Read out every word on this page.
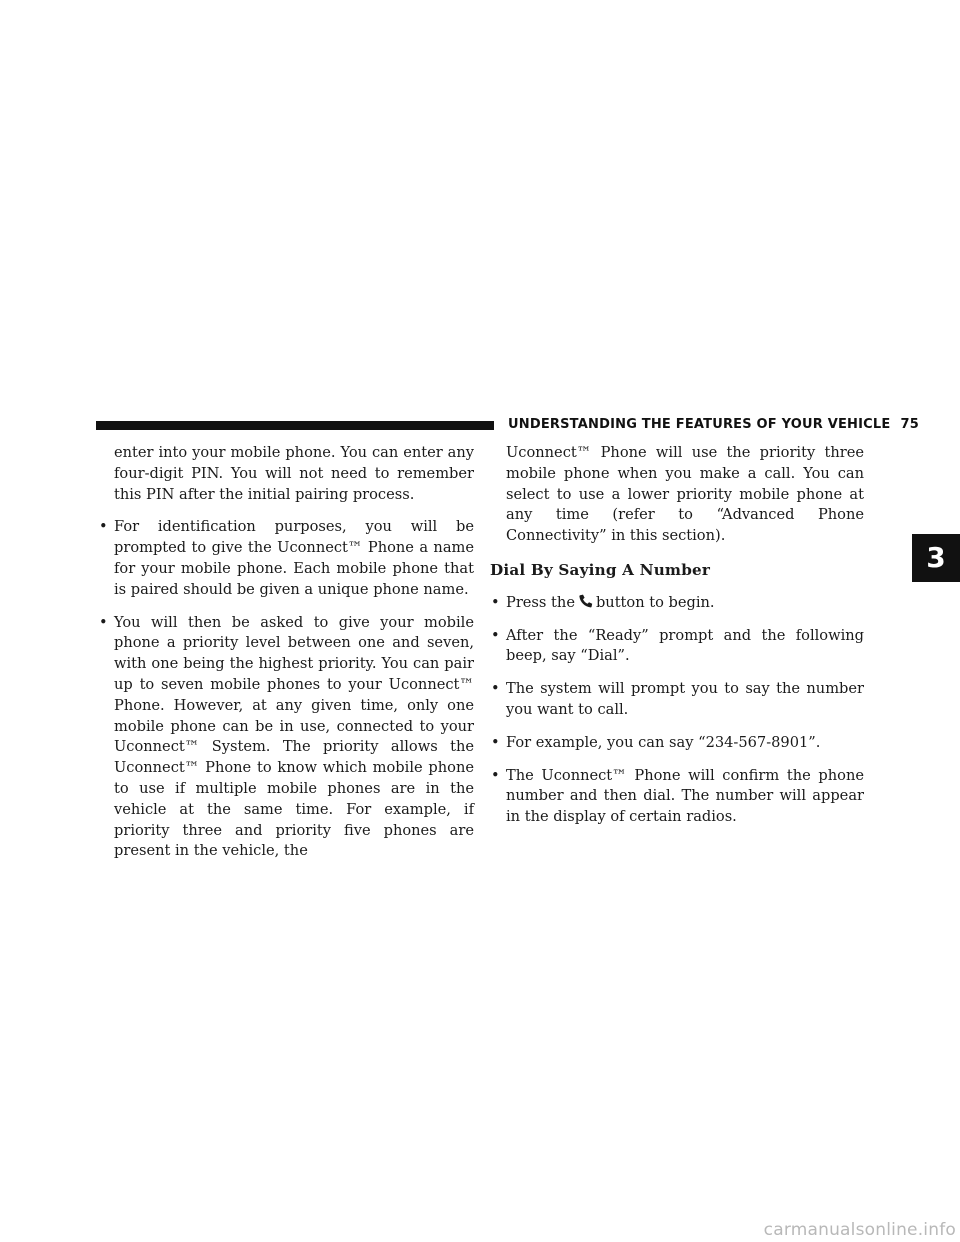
UNDERSTANDING THE FEATURES OF YOUR VEHICLE 75

enter into your mobile phone. You can enter any four-digit PIN. You will not need to remember this PIN after the initial pairing process.

• For identification purposes, you will be prompted to give the Uconnect™ Phone a name for your mobile phone. Each mobile phone that is paired should be given a unique phone name.
• You will then be asked to give your mobile phone a priority level between one and seven, with one being the highest priority. You can pair up to seven mobile phones to your Uconnect™ Phone. However, at any given time, only one mobile phone can be in use, connected to your Uconnect™ System. The priority allows the Uconnect™ Phone to know which mobile phone to use if multiple mobile phones are in the vehicle at the same time. For example, if priority three and priority five phones are present in the vehicle, the

Uconnect™ Phone will use the priority three mobile phone when you make a call. You can select to use a lower priority mobile phone at any time (refer to “Advanced Phone Connectivity” in this section).

Dial By Saying A Number
• Press the button to begin.
• After the “Ready” prompt and the following beep, say “Dial”.
• The system will prompt you to say the number you want to call.
• For example, you can say “234-567-8901”.
• The Uconnect™ Phone will confirm the phone number and then dial. The number will appear in the display of certain radios.
3
carmanualsonline.info
